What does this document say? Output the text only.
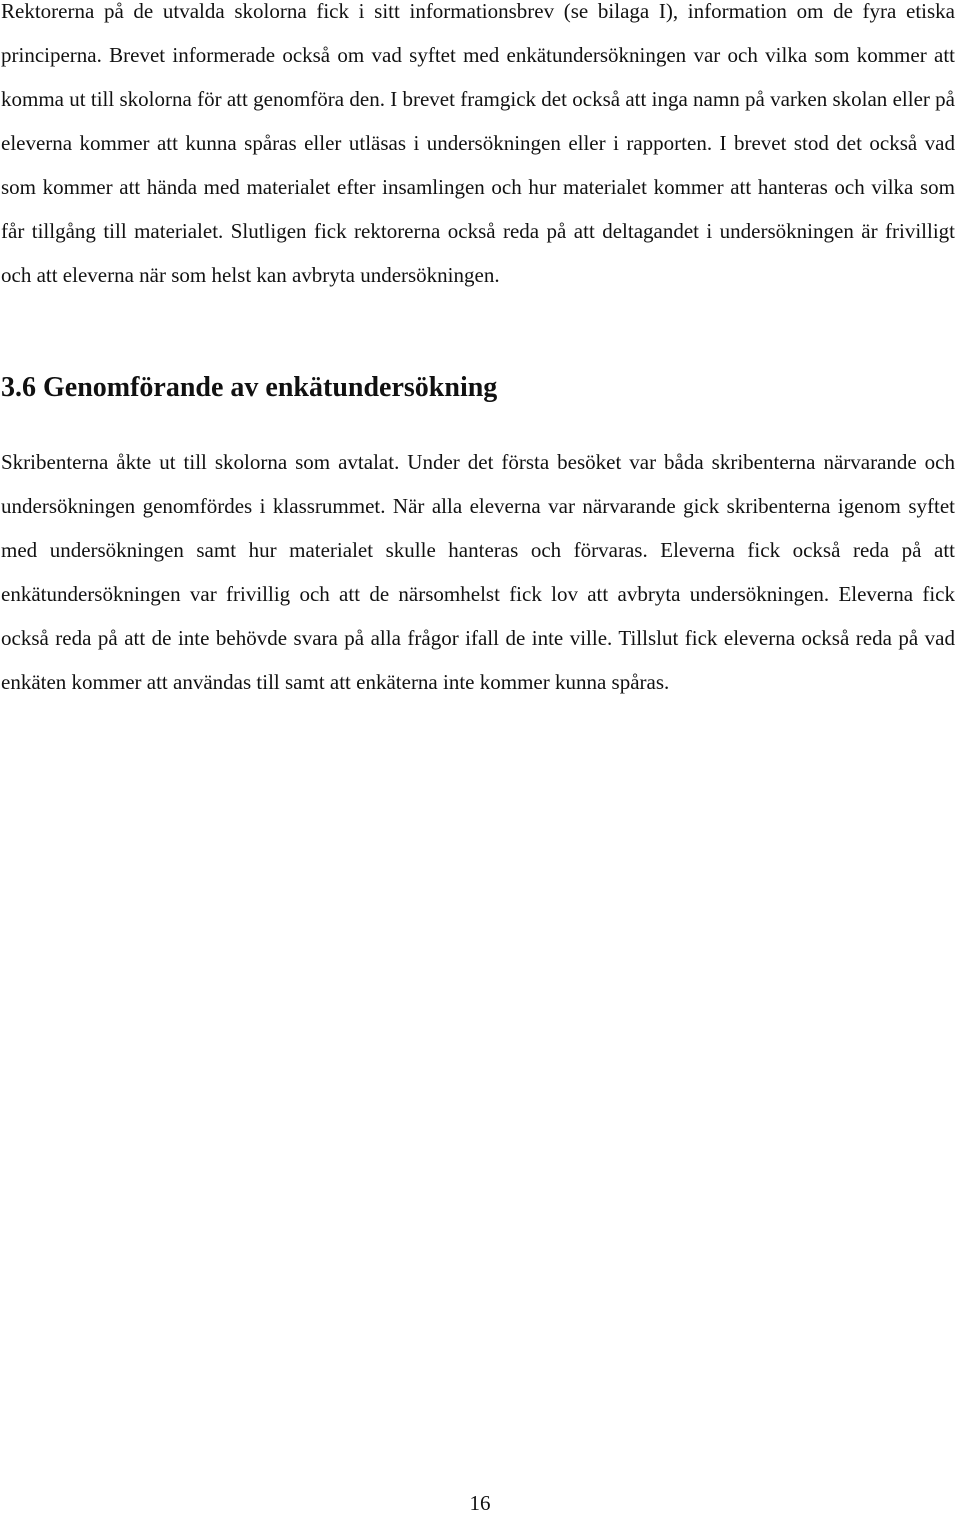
Rektorerna på de utvalda skolorna fick i sitt informationsbrev (se bilaga I), information om de fyra etiska principerna. Brevet informerade också om vad syftet med enkätundersökningen var och vilka som kommer att komma ut till skolorna för att genomföra den. I brevet framgick det också att inga namn på varken skolan eller på eleverna kommer att kunna spåras eller utläsas i undersökningen eller i rapporten. I brevet stod det också vad som kommer att hända med materialet efter insamlingen och hur materialet kommer att hanteras och vilka som får tillgång till materialet. Slutligen fick rektorerna också reda på att deltagandet i undersökningen är frivilligt och att eleverna när som helst kan avbryta undersökningen.

3.6 Genomförande av enkätundersökning

Skribenterna åkte ut till skolorna som avtalat. Under det första besöket var båda skribenterna närvarande och undersökningen genomfördes i klassrummet. När alla eleverna var närvarande gick skribenterna igenom syftet med undersökningen samt hur materialet skulle hanteras och förvaras. Eleverna fick också reda på att enkätundersökningen var frivillig och att de närsomhelst fick lov att avbryta undersökningen. Eleverna fick också reda på att de inte behövde svara på alla frågor ifall de inte ville. Tillslut fick eleverna också reda på vad enkäten kommer att användas till samt att enkäterna inte kommer kunna spåras.

16
